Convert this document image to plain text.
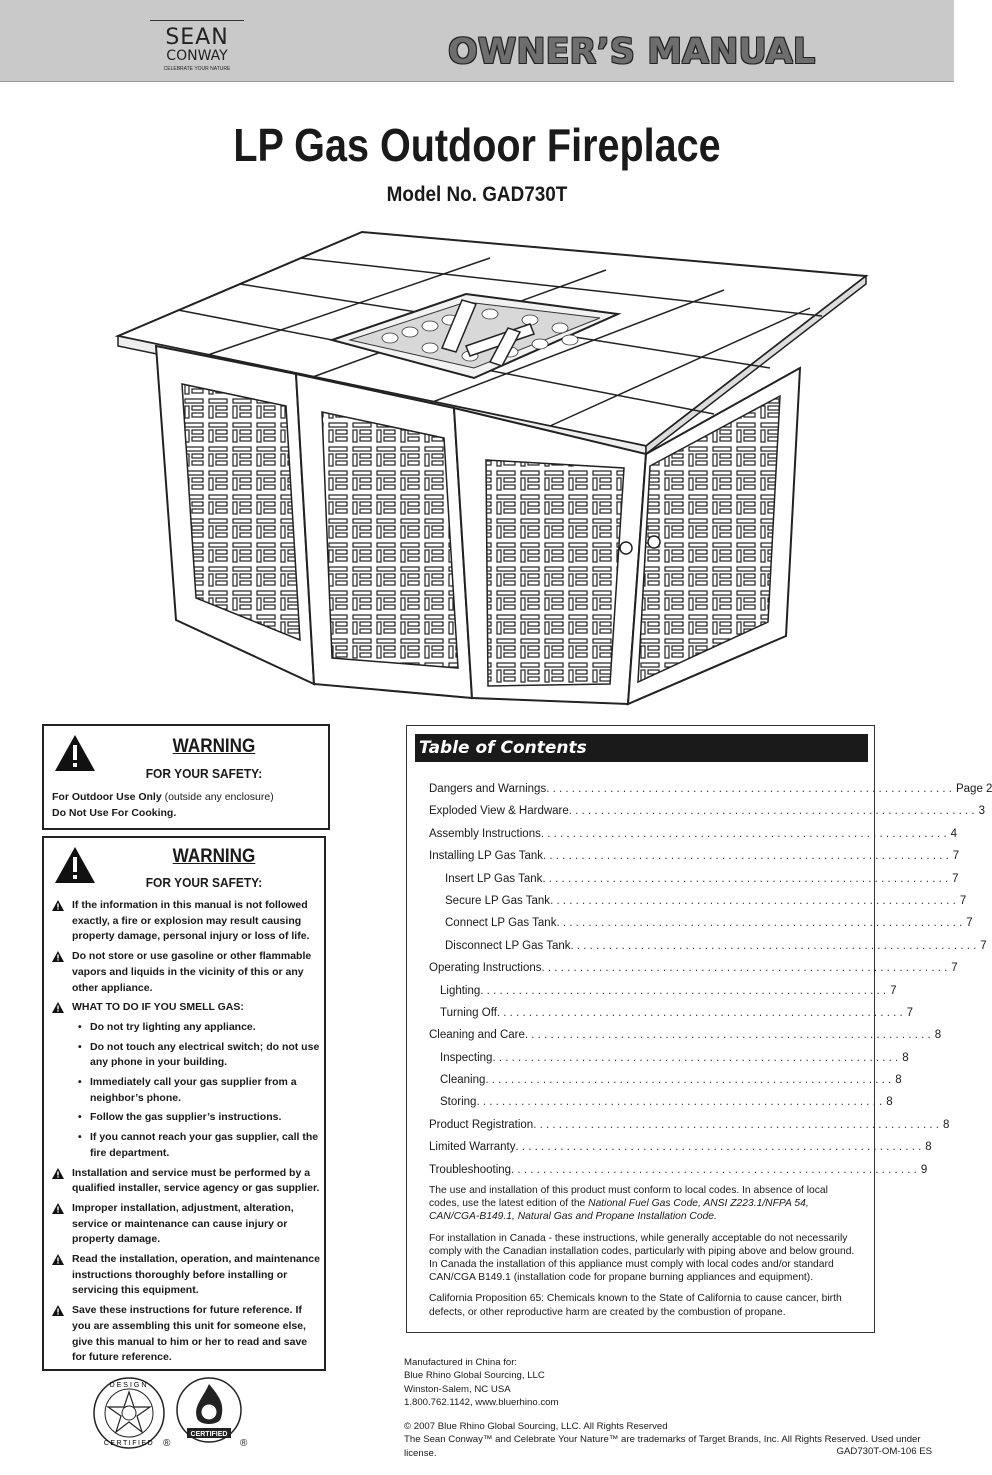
SEAN
CONWAY
CELEBRATE YOUR NATURE	OWNER’S MANUAL
LP Gas Outdoor Fireplace
Model No. GAD730T
WARNING
FOR YOUR SAFETY:
For Outdoor Use Only (outside any enclosure)
Do Not Use For Cooking.
WARNING
FOR YOUR SAFETY:
If the information in this manual is not followed exactly, a fire or explosion may result causing property damage, personal injury or loss of life.
Do not store or use gasoline or other flammable vapors and liquids in the vicinity of this or any other appliance.
WHAT TO DO IF YOU SMELL GAS:
• Do not try lighting any appliance.
• Do not touch any electrical switch; do not use any phone in your building.
• Immediately call your gas supplier from a neighbor’s phone.
• Follow the gas supplier’s instructions.
• If you cannot reach your gas supplier, call the fire department.
Installation and service must be performed by a qualified installer, service agency or gas supplier.
Improper installation, adjustment, alteration, service or maintenance can cause injury or property damage.
Read the installation, operation, and maintenance instructions thoroughly before installing or servicing this equipment.
Save these instructions for future reference. If you are assembling this unit for someone else, give this manual to him or her to read and save for future reference.
Table of Contents
Dangers and Warnings . . . . . . . . . . . . . . . . . . . . . . . . . . . . . . . . . . . . . . . . . . . . . . . . . . . . . . . . . . . . . . . . Page 2
Exploded View & Hardware . . . . . . . . . . . . . . . . . . . . . . . . . . . . . . . . . . . . . . . . . . . . . . . . . . . . . . . . . . . . . . . . 3
Assembly Instructions . . . . . . . . . . . . . . . . . . . . . . . . . . . . . . . . . . . . . . . . . . . . . . . . . . . . . . . . . . . . . . . . 4
Installing LP Gas Tank . . . . . . . . . . . . . . . . . . . . . . . . . . . . . . . . . . . . . . . . . . . . . . . . . . . . . . . . . . . . . . . . 7
Insert LP Gas Tank . . . . . . . . . . . . . . . . . . . . . . . . . . . . . . . . . . . . . . . . . . . . . . . . . . . . . . . . . . . . . . . . 7
Secure LP Gas Tank . . . . . . . . . . . . . . . . . . . . . . . . . . . . . . . . . . . . . . . . . . . . . . . . . . . . . . . . . . . . . . . . 7
Connect LP Gas Tank . . . . . . . . . . . . . . . . . . . . . . . . . . . . . . . . . . . . . . . . . . . . . . . . . . . . . . . . . . . . . . . . 7
Disconnect LP Gas Tank . . . . . . . . . . . . . . . . . . . . . . . . . . . . . . . . . . . . . . . . . . . . . . . . . . . . . . . . . . . . . . . . 7
Operating Instructions . . . . . . . . . . . . . . . . . . . . . . . . . . . . . . . . . . . . . . . . . . . . . . . . . . . . . . . . . . . . . . . . 7
Lighting . . . . . . . . . . . . . . . . . . . . . . . . . . . . . . . . . . . . . . . . . . . . . . . . . . . . . . . . . . . . . . . . 7
Turning Off . . . . . . . . . . . . . . . . . . . . . . . . . . . . . . . . . . . . . . . . . . . . . . . . . . . . . . . . . . . . . . . . 7
Cleaning and Care . . . . . . . . . . . . . . . . . . . . . . . . . . . . . . . . . . . . . . . . . . . . . . . . . . . . . . . . . . . . . . . . 8
Inspecting . . . . . . . . . . . . . . . . . . . . . . . . . . . . . . . . . . . . . . . . . . . . . . . . . . . . . . . . . . . . . . . . 8
Cleaning . . . . . . . . . . . . . . . . . . . . . . . . . . . . . . . . . . . . . . . . . . . . . . . . . . . . . . . . . . . . . . . . 8
Storing . . . . . . . . . . . . . . . . . . . . . . . . . . . . . . . . . . . . . . . . . . . . . . . . . . . . . . . . . . . . . . . . 8
Product Registration . . . . . . . . . . . . . . . . . . . . . . . . . . . . . . . . . . . . . . . . . . . . . . . . . . . . . . . . . . . . . . . . 8
Limited Warranty . . . . . . . . . . . . . . . . . . . . . . . . . . . . . . . . . . . . . . . . . . . . . . . . . . . . . . . . . . . . . . . . 8
Troubleshooting . . . . . . . . . . . . . . . . . . . . . . . . . . . . . . . . . . . . . . . . . . . . . . . . . . . . . . . . . . . . . . . . 9

The use and installation of this product must conform to local codes. In absence of local codes, use the latest edition of the National Fuel Gas Code, ANSI Z223.1/NFPA 54, CAN/CGA-B149.1, Natural Gas and Propane Installation Code.

For installation in Canada - these instructions, while generally acceptable do not necessarily comply with the Canadian installation codes, particularly with piping above and below ground. In Canada the installation of this appliance must comply with local codes and/or standard CAN/CGA B149.1 (installation code for propane burning appliances and equipment).

California Proposition 65: Chemicals known to the State of California to cause cancer, birth defects, or other reproductive harm are created by the combustion of propane.

DESIGN
CERTIFIED ®
CERTIFIED
®
Manufactured in China for:
Blue Rhino Global Sourcing, LLC
Winston-Salem, NC USA
1.800.762.1142, www.bluerhino.com
© 2007 Blue Rhino Global Sourcing, LLC. All Rights Reserved
The Sean Conway™ and Celebrate Your Nature™ are trademarks of Target Brands, Inc. All Rights Reserved. Used under license.	GAD730T-OM-106 ES
